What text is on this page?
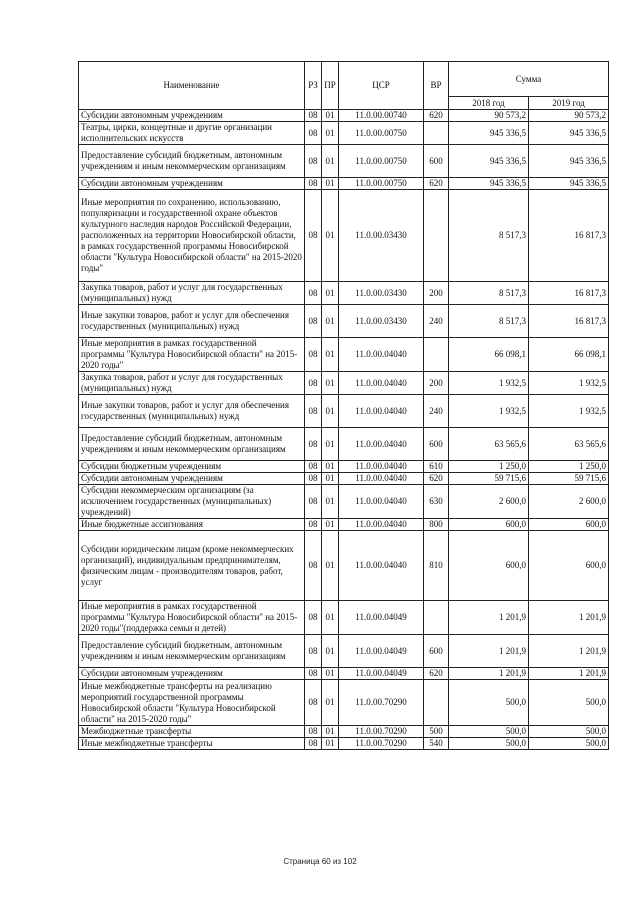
Наименование	РЗ	ПР	ЦСР	ВР	Сумма	
					2018 год	2019 год
Субсидии автономным учреждениям	08	01	11.0.00.00740	620	90 573,2	90 573,2
Театры, цирки, концертные и другие организации исполнительских искусств	08	01	11.0.00.00750		945 336,5	945 336,5
Предоставление субсидий бюджетным, автономным учреждениям и иным некоммерческим организациям	08	01	11.0.00.00750	600	945 336,5	945 336,5
Субсидии автономным учреждениям	08	01	11.0.00.00750	620	945 336,5	945 336,5
Иные мероприятия по сохранению, использованию, популяризации и государственной охране объектов культурного наследия народов Российской Федерации, расположенных на территории Новосибирской области, в рамках государственной программы Новосибирской области "Культура Новосибирской области" на 2015-2020 годы"	08	01	11.0.00.03430		8 517,3	16 817,3
Закупка товаров, работ и услуг для государственных (муниципальных) нужд	08	01	11.0.00.03430	200	8 517,3	16 817,3
Иные закупки товаров, работ и услуг для обеспечения государственных (муниципальных) нужд	08	01	11.0.00.03430	240	8 517,3	16 817,3
Иные мероприятия в рамках государственной программы "Культура Новосибирской области" на 2015-2020 годы"	08	01	11.0.00.04040		66 098,1	66 098,1
Закупка товаров, работ и услуг для государственных (муниципальных) нужд	08	01	11.0.00.04040	200	1 932,5	1 932,5
Иные закупки товаров, работ и услуг для обеспечения государственных (муниципальных) нужд	08	01	11.0.00.04040	240	1 932,5	1 932,5
Предоставление субсидий бюджетным, автономным учреждениям и иным некоммерческим организациям	08	01	11.0.00.04040	600	63 565,6	63 565,6
Субсидии бюджетным учреждениям	08	01	11.0.00.04040	610	1 250,0	1 250,0
Субсидии автономным учреждениям	08	01	11.0.00.04040	620	59 715,6	59 715,6
Субсидии некоммерческим организациям (за исключением государственных (муниципальных) учреждений)	08	01	11.0.00.04040	630	2 600,0	2 600,0
Иные бюджетные ассигнования	08	01	11.0.00.04040	800	600,0	600,0
Субсидии юридическим лицам (кроме некоммерческих организаций), индивидуальным предпринимателям, физическим лицам - производителям товаров, работ, услуг	08	01	11.0.00.04040	810	600,0	600,0
Иные мероприятия в рамках государственной программы "Культура Новосибирской области" на 2015-2020 годы"(поддержка семьи и детей)	08	01	11.0.00.04049		1 201,9	1 201,9
Предоставление субсидий бюджетным, автономным учреждениям и иным некоммерческим организациям	08	01	11.0.00.04049	600	1 201,9	1 201,9
Субсидии автономным учреждениям	08	01	11.0.00.04049	620	1 201,9	1 201,9
Иные межбюджетные трансферты на реализацию мероприятий государственной программы Новосибирской области "Культура Новосибирской области" на 2015-2020 годы"	08	01	11.0.00.70290		500,0	500,0
Межбюджетные трансферты	08	01	11.0.00.70290	500	500,0	500,0
Иные межбюджетные трансферты	08	01	11.0.00.70290	540	500,0	500,0
Страница 60 из 102
